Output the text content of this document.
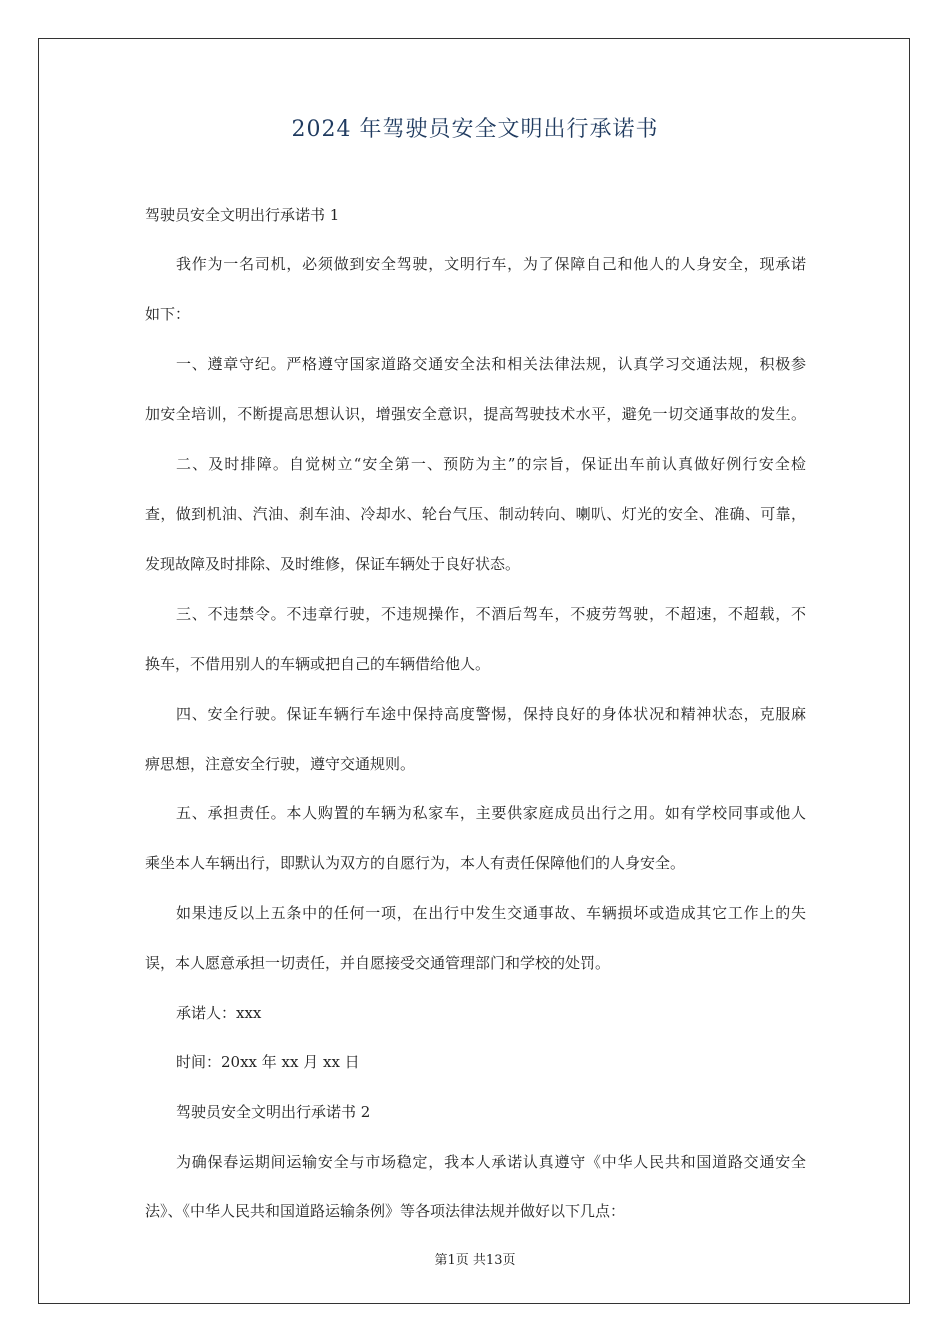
2024 年驾驶员安全文明出行承诺书
驾驶员安全文明出行承诺书 1
我作为一名司机，必须做到安全驾驶，文明行车，为了保障自己和他人的人身安全，现承诺
如下：
一、遵章守纪。严格遵守国家道路交通安全法和相关法律法规，认真学习交通法规，积极参
加安全培训，不断提高思想认识，增强安全意识，提高驾驶技术水平，避免一切交通事故的发生。
二、及时排障。自觉树立“安全第一、预防为主”的宗旨，保证出车前认真做好例行安全检
查，做到机油、汽油、刹车油、冷却水、轮台气压、制动转向、喇叭、灯光的安全、准确、可靠，
发现故障及时排除、及时维修，保证车辆处于良好状态。
三、不违禁令。不违章行驶，不违规操作，不酒后驾车，不疲劳驾驶，不超速，不超载，不
换车，不借用别人的车辆或把自己的车辆借给他人。
四、安全行驶。保证车辆行车途中保持高度警惕，保持良好的身体状况和精神状态，克服麻
痹思想，注意安全行驶，遵守交通规则。
五、承担责任。本人购置的车辆为私家车，主要供家庭成员出行之用。如有学校同事或他人
乘坐本人车辆出行，即默认为双方的自愿行为，本人有责任保障他们的人身安全。
如果违反以上五条中的任何一项，在出行中发生交通事故、车辆损坏或造成其它工作上的失
误，本人愿意承担一切责任，并自愿接受交通管理部门和学校的处罚。
承诺人：xxx
时间：20xx 年 xx 月 xx 日
驾驶员安全文明出行承诺书 2
为确保春运期间运输安全与市场稳定，我本人承诺认真遵守《中华人民共和国道路交通安全
法》、《中华人民共和国道路运输条例》等各项法律法规并做好以下几点：
第1页 共13页
